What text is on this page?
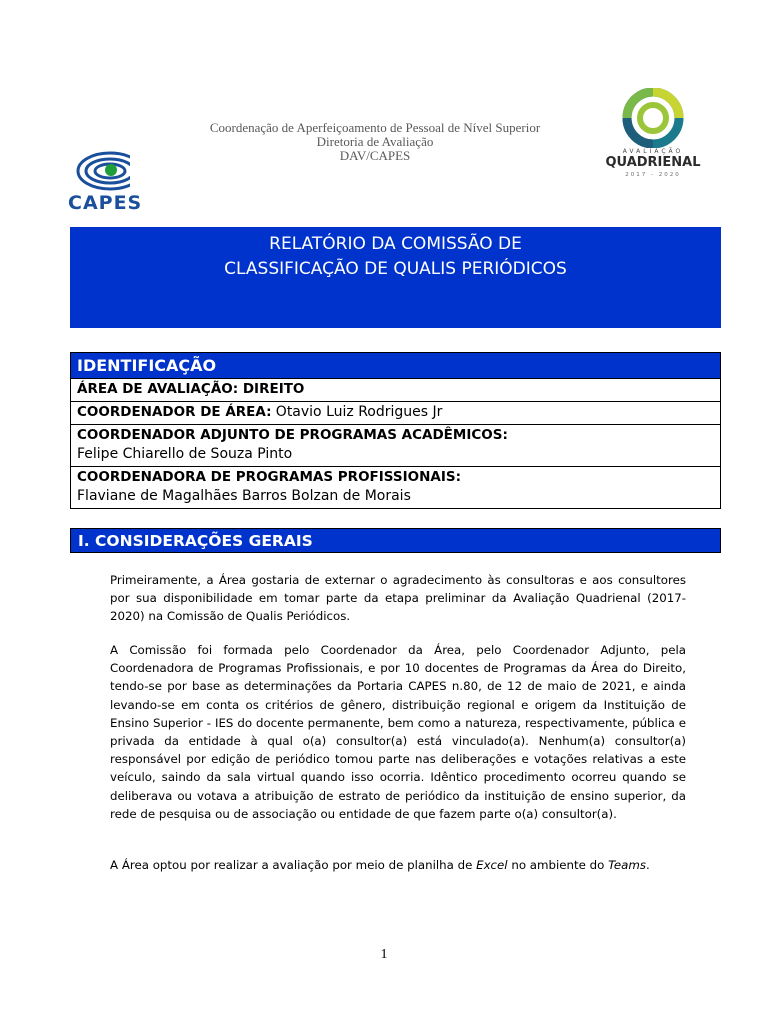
Coordenação de Aperfeiçoamento de Pessoal de Nível Superior
Diretoria de Avaliação
DAV/CAPES
CAPES
AVALIAÇÃO
QUADRIENAL
2017 - 2020
RELATÓRIO DA COMISSÃO DE
CLASSIFICAÇÃO DE QUALIS PERIÓDICOS
IDENTIFICAÇÃO
ÁREA DE AVALIAÇÃO: DIREITO
COORDENADOR DE ÁREA: Otavio Luiz Rodrigues Jr
COORDENADOR ADJUNTO DE PROGRAMAS ACADÊMICOS:
Felipe Chiarello de Souza Pinto
COORDENADORA DE PROGRAMAS PROFISSIONAIS:
Flaviane de Magalhães Barros Bolzan de Morais
I. CONSIDERAÇÕES GERAIS
Primeiramente, a Área gostaria de externar o agradecimento às consultoras e aos consultores por sua disponibilidade em tomar parte da etapa preliminar da Avaliação Quadrienal (2017-2020) na Comissão de Qualis Periódicos.
A Comissão foi formada pelo Coordenador da Área, pelo Coordenador Adjunto, pela Coordenadora de Programas Profissionais, e por 10 docentes de Programas da Área do Direito, tendo-se por base as determinações da Portaria CAPES n.80, de 12 de maio de 2021, e ainda levando-se em conta os critérios de gênero, distribuição regional e origem da Instituição de Ensino Superior - IES do docente permanente, bem como a natureza, respectivamente, pública e privada da entidade à qual o(a) consultor(a) está vinculado(a). Nenhum(a) consultor(a) responsável por edição de periódico tomou parte nas deliberações e votações relativas a este veículo, saindo da sala virtual quando isso ocorria. Idêntico procedimento ocorreu quando se deliberava ou votava a atribuição de estrato de periódico da instituição de ensino superior, da rede de pesquisa ou de associação ou entidade de que fazem parte o(a) consultor(a).
A Área optou por realizar a avaliação por meio de planilha de Excel no ambiente do Teams.
1
